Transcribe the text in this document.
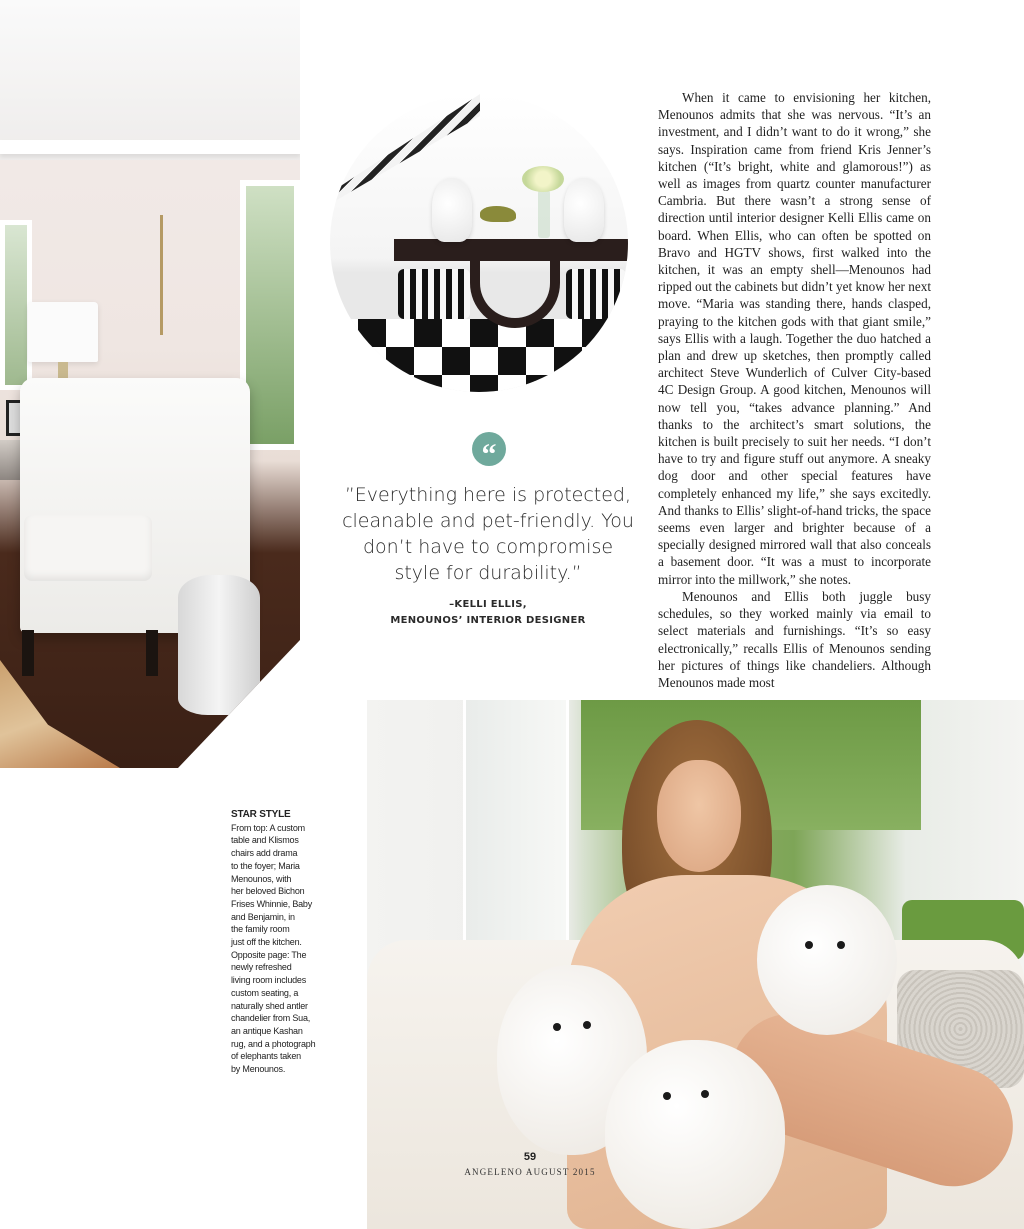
“
”Everything here is protected, cleanable and pet-friendly. You don’t have to compromise style for durability.”
–KELLI ELLIS,
MENOUNOS’ INTERIOR DESIGNER

When it came to envisioning her kitchen, Menounos admits that she was nervous. “It’s an investment, and I didn’t want to do it wrong,” she says. Inspiration came from friend Kris Jenner’s kitchen (“It’s bright, white and glamorous!”) as well as images from quartz counter manufacturer Cambria. But there wasn’t a strong sense of direction until interior designer Kelli Ellis came on board. When Ellis, who can often be spotted on Bravo and HGTV shows, first walked into the kitchen, it was an empty shell—Menounos had ripped out the cabinets but didn’t yet know her next move. “Maria was standing there, hands clasped, praying to the kitchen gods with that giant smile,” says Ellis with a laugh. Together the duo hatched a plan and drew up sketches, then promptly called architect Steve Wunderlich of Culver City-based 4C Design Group. A good kitchen, Menounos will now tell you, “takes advance planning.” And thanks to the architect’s smart solutions, the kitchen is built precisely to suit her needs. “I don’t have to try and figure stuff out anymore. A sneaky dog door and other special features have completely enhanced my life,” she says excitedly. And thanks to Ellis’ slight-of-hand tricks, the space seems even larger and brighter because of a specially designed mirrored wall that also conceals a basement door. “It was a must to incorporate mirror into the millwork,” she notes.

Menounos and Ellis both juggle busy schedules, so they worked mainly via email to select materials and furnishings. “It’s so easy electronically,” recalls Ellis of Menounos sending her pictures of things like chandeliers. Although Menounos made most

STAR STYLE
From top: A custom
table and Klismos
chairs add drama
to the foyer; Maria
Menounos, with
her beloved Bichon
Frises Whinnie, Baby
and Benjamin, in
the family room
just off the kitchen.
Opposite page: The
newly refreshed
living room includes
custom seating, a
naturally shed antler
chandelier from Sua,
an antique Kashan
rug, and a photograph
of elephants taken
by Menounos.
59
ANGELENO AUGUST 2015
